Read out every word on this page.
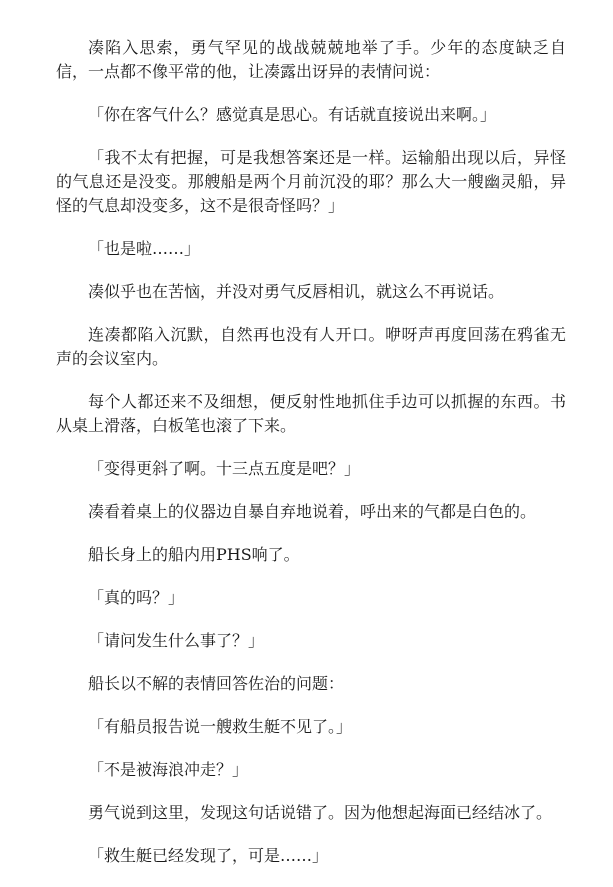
凑陷入思索，勇气罕见的战战兢兢地举了手。少年的态度缺乏自信，一点都不像平常的他，让凑露出讶异的表情问说：

「你在客气什么？感觉真是思心。有话就直接说出来啊。」

「我不太有把握，可是我想答案还是一样。运输船出现以后，异怪的气息还是没变。那艘船是两个月前沉没的耶？那么大一艘幽灵船，异怪的气息却没变多，这不是很奇怪吗？」

「也是啦……」

凑似乎也在苦恼，并没对勇气反唇相讥，就这么不再说话。

连凑都陷入沉默，自然再也没有人开口。咿呀声再度回荡在鸦雀无声的会议室内。

每个人都还来不及细想，便反射性地抓住手边可以抓握的东西。书从桌上滑落，白板笔也滚了下来。

「变得更斜了啊。十三点五度是吧？」

凑看着桌上的仪器边自暴自弃地说着，呼出来的气都是白色的。

船长身上的船内用PHS响了。

「真的吗？」

「请问发生什么事了？」

船长以不解的表情回答佐治的问题：

「有船员报告说一艘救生艇不见了。」

「不是被海浪冲走？」

勇气说到这里，发现这句话说错了。因为他想起海面已经结冰了。

「救生艇已经发现了，可是……」
